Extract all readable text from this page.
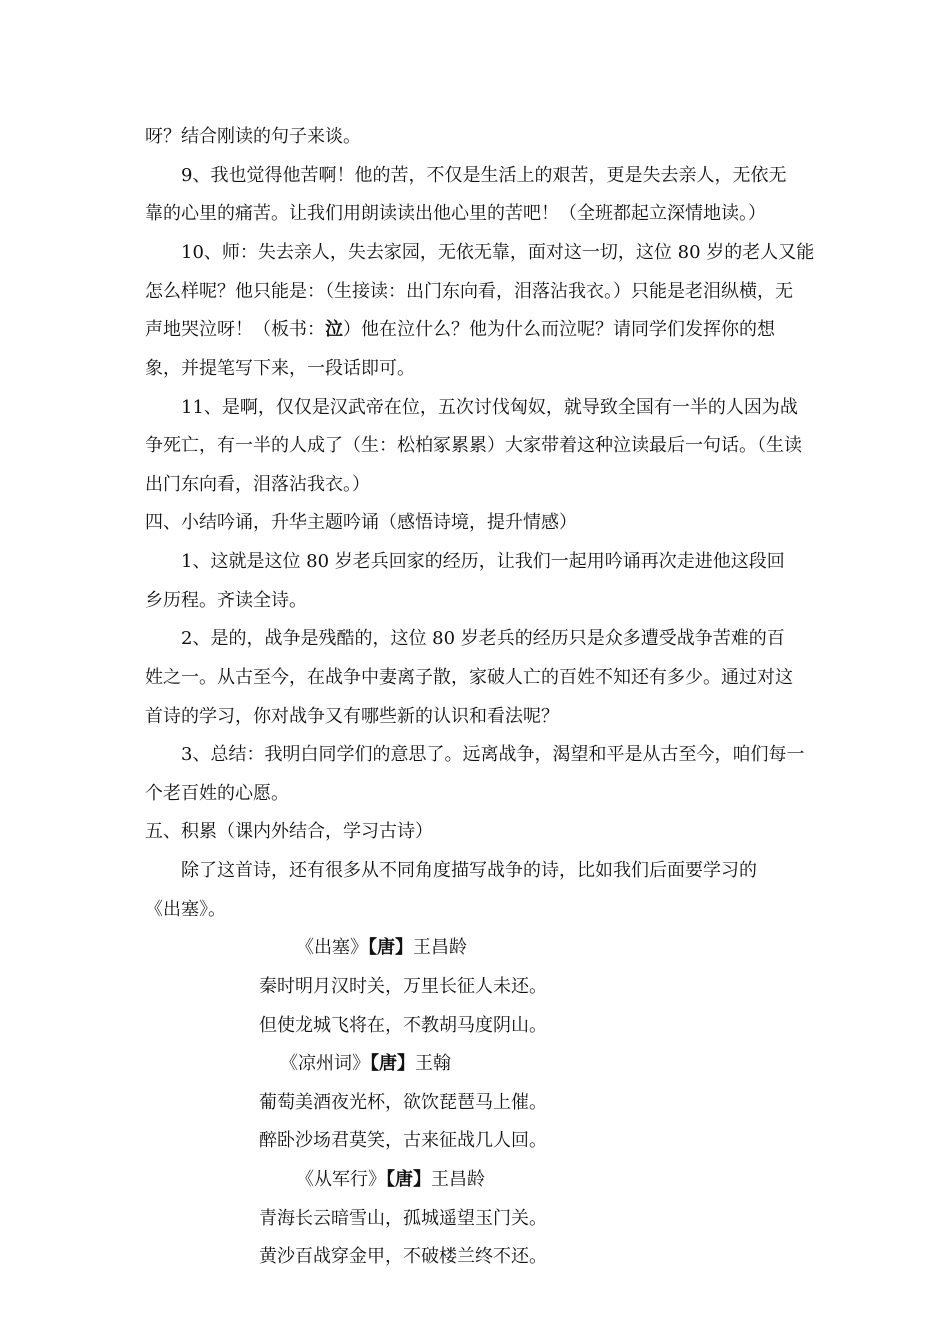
呀？结合刚读的句子来谈。
9、我也觉得他苦啊！他的苦，不仅是生活上的艰苦，更是失去亲人，无依无
靠的心里的痛苦。让我们用朗读读出他心里的苦吧！（全班都起立深情地读。）
10、师：失去亲人，失去家园，无依无靠，面对这一切，这位 80 岁的老人又能
怎么样呢？他只能是：（生接读：出门东向看，泪落沾我衣。）只能是老泪纵横，无
声地哭泣呀！（板书：泣）他在泣什么？他为什么而泣呢？请同学们发挥你的想
象，并提笔写下来，一段话即可。
11、是啊，仅仅是汉武帝在位，五次讨伐匈奴，就导致全国有一半的人因为战
争死亡，有一半的人成了（生：松柏冢累累）大家带着这种泣读最后一句话。（生读
出门东向看，泪落沾我衣。）
四、小结吟诵，升华主题吟诵（感悟诗境，提升情感）
1、这就是这位 80 岁老兵回家的经历，让我们一起用吟诵再次走进他这段回
乡历程。齐读全诗。
2、是的，战争是残酷的，这位 80 岁老兵的经历只是众多遭受战争苦难的百
姓之一。从古至今，在战争中妻离子散，家破人亡的百姓不知还有多少。通过对这
首诗的学习，你对战争又有哪些新的认识和看法呢？
3、总结：我明白同学们的意思了。远离战争，渴望和平是从古至今，咱们每一
个老百姓的心愿。
五、积累（课内外结合，学习古诗）
除了这首诗，还有很多从不同角度描写战争的诗，比如我们后面要学习的
《出塞》。
《出塞》【唐】王昌龄
秦时明月汉时关，万里长征人未还。
但使龙城飞将在，不教胡马度阴山。
《凉州词》【唐】王翰
葡萄美酒夜光杯，欲饮琵琶马上催。
醉卧沙场君莫笑，古来征战几人回。
《从军行》【唐】王昌龄
青海长云暗雪山，孤城遥望玉门关。
黄沙百战穿金甲，不破楼兰终不还。
